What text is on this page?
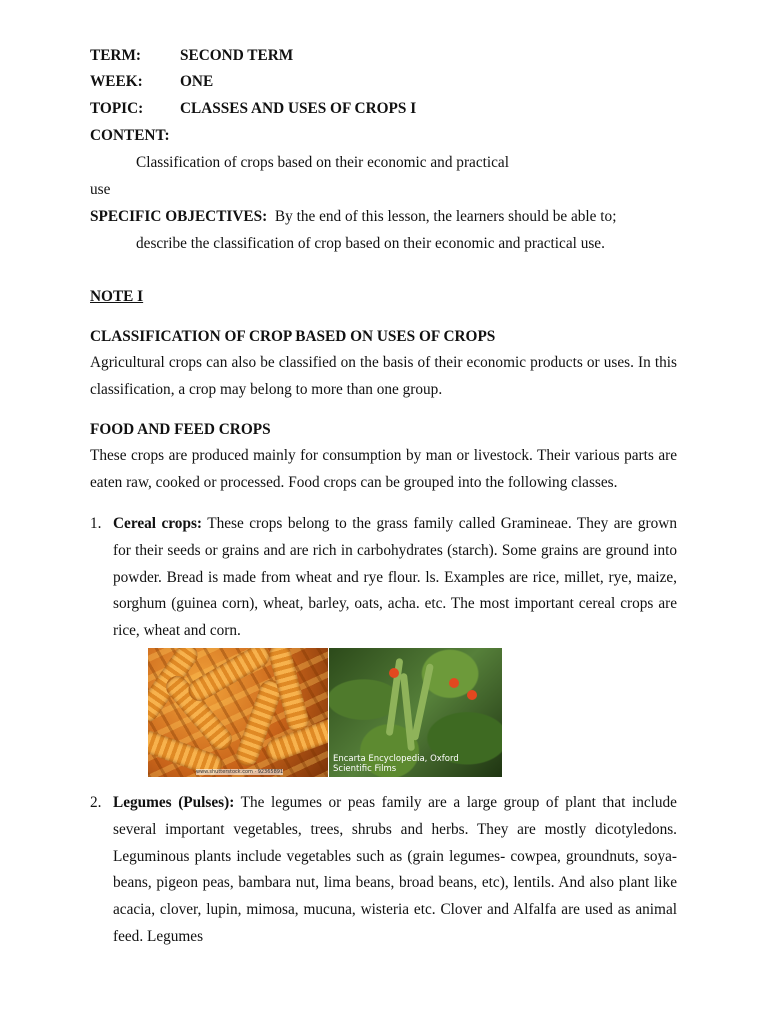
TERM:	SECOND TERM
WEEK: ONE
TOPIC: CLASSES AND USES OF CROPS I
CONTENT:
Classification of crops based on their economic and practical
use
SPECIFIC OBJECTIVES: By the end of this lesson, the learners should be able to;
describe the classification of crop based on their economic and practical use.
NOTE I
CLASSIFICATION OF CROP BASED ON USES OF CROPS
Agricultural crops can also be classified on the basis of their economic products or uses. In this classification, a crop may belong to more than one group.
FOOD AND FEED CROPS
These crops are produced mainly for consumption by man or livestock. Their various parts are eaten raw, cooked or processed. Food crops can be grouped into the following classes.
1. Cereal crops: These crops belong to the grass family called Gramineae. They are grown for their seeds or grains and are rich in carbohydrates (starch). Some grains are ground into powder. Bread is made from wheat and rye flour. ls. Examples are rice, millet, rye, maize, sorghum (guinea corn), wheat, barley, oats, acha. etc. The most important cereal crops are rice, wheat and corn.
www.shutterstock.com · 92365891
Encarta Encyclopedia, Oxford
Scientific Films
2. Legumes (Pulses): The legumes or peas family are a large group of plant that include several important vegetables, trees, shrubs and herbs. They are mostly dicotyledons. Leguminous plants include vegetables such as (grain legumes- cowpea, groundnuts, soya-beans, pigeon peas, bambara nut, lima beans, broad beans, etc), lentils. And also plant like acacia, clover, lupin, mimosa, mucuna, wisteria etc. Clover and Alfalfa are used as animal feed. Legumes
